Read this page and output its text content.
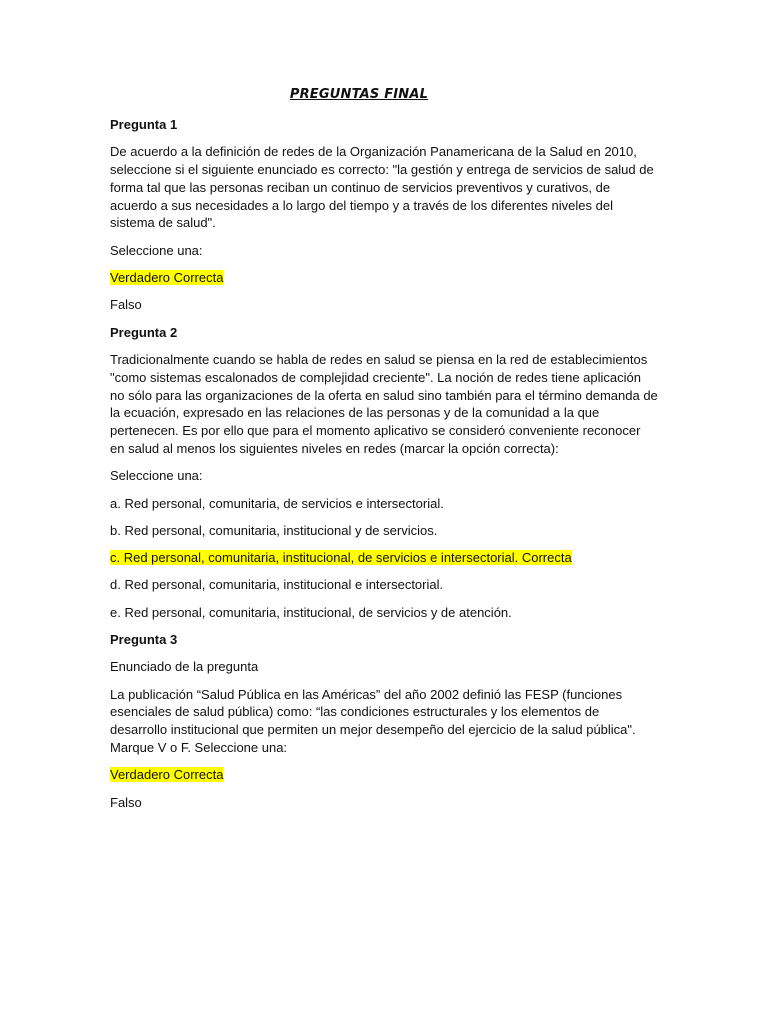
PREGUNTAS FINAL

Pregunta 1

De acuerdo a la definición de redes de la Organización Panamericana de la Salud en 2010, seleccione si el siguiente enunciado es correcto: "la gestión y entrega de servicios de salud de forma tal que las personas reciban un continuo de servicios preventivos y curativos, de acuerdo a sus necesidades a lo largo del tiempo y a través de los diferentes niveles del sistema de salud".

Seleccione una:

Verdadero Correcta

Falso

Pregunta 2

Tradicionalmente cuando se habla de redes en salud se piensa en la red de establecimientos "como sistemas escalonados de complejidad creciente". La noción de redes tiene aplicación no sólo para las organizaciones de la oferta en salud sino también para el término demanda de la ecuación, expresado en las relaciones de las personas y de la comunidad a la que pertenecen. Es por ello que para el momento aplicativo se consideró conveniente reconocer en salud al menos los siguientes niveles en redes (marcar la opción correcta):

Seleccione una:

a. Red personal, comunitaria, de servicios e intersectorial.

b. Red personal, comunitaria, institucional y de servicios.

c. Red personal, comunitaria, institucional, de servicios e intersectorial. Correcta

d. Red personal, comunitaria, institucional e intersectorial.

e. Red personal, comunitaria, institucional, de servicios y de atención.

Pregunta 3

Enunciado de la pregunta

La publicación “Salud Pública en las Américas” del año 2002 definió las FESP (funciones esenciales de salud pública) como: “las condiciones estructurales y los elementos de desarrollo institucional que permiten un mejor desempeño del ejercicio de la salud pública". Marque V o F. Seleccione una:

Verdadero Correcta

Falso
